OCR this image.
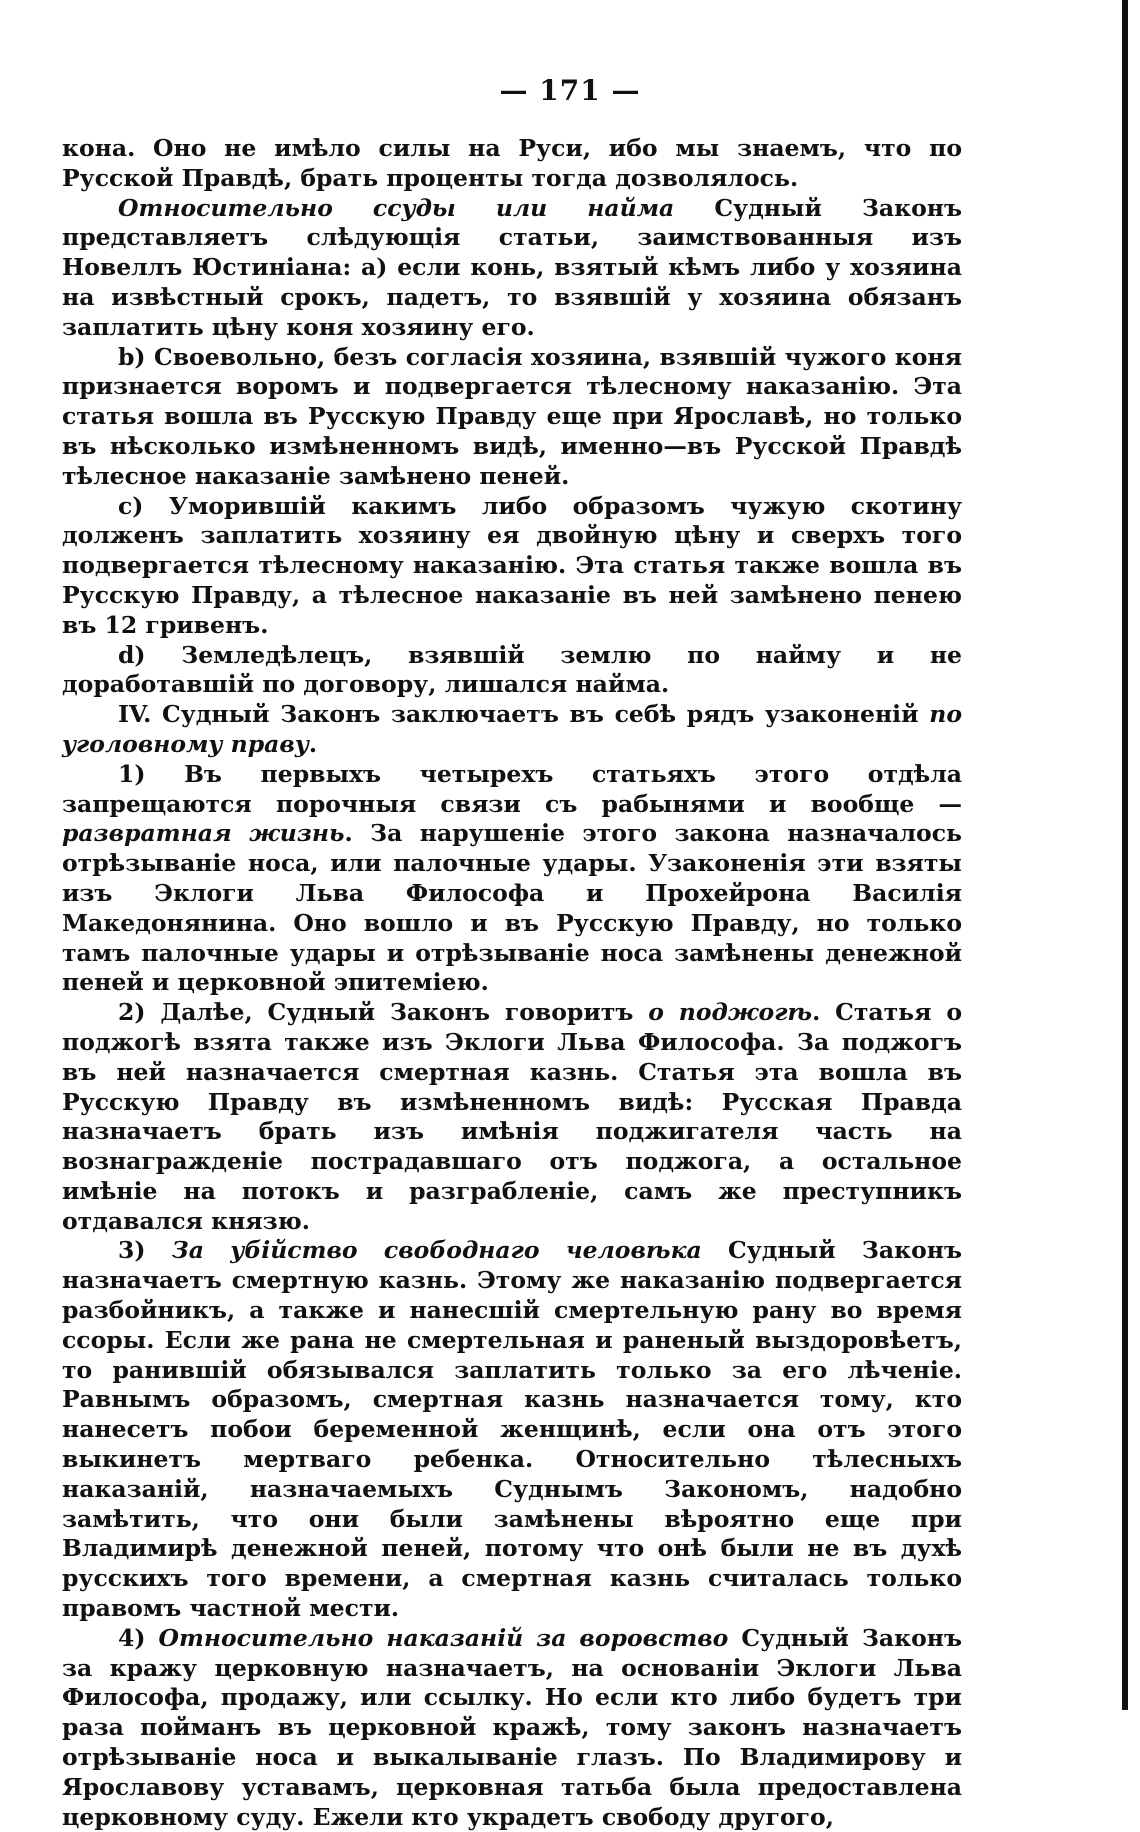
— 171 —

кона. Оно не имѣло силы на Руси, ибо мы знаемъ, что по Русской Правдѣ, брать проценты тогда дозволялось.

Относительно ссуды или найма Судный Законъ представляетъ слѣдующія статьи, заимствованныя изъ Новеллъ Юстиніана: a) если конь, взятый кѣмъ либо у хозяина на извѣстный срокъ, падетъ, то взявшій у хозяина обязанъ заплатить цѣну коня хозяину его.

b) Своевольно, безъ согласія хозяина, взявшій чужого коня признается воромъ и подвергается тѣлесному наказанію. Эта статья вошла въ Русскую Правду еще при Ярославѣ, но только въ нѣсколько измѣненномъ видѣ, именно—въ Русской Правдѣ тѣлесное наказаніе замѣнено пеней.

c) Уморившій какимъ либо образомъ чужую скотину долженъ заплатить хозяину ея двойную цѣну и сверхъ того подвергается тѣлесному наказанію. Эта статья также вошла въ Русскую Правду, а тѣлесное наказаніе въ ней замѣнено пенею въ 12 гривенъ.

d) Земледѣлецъ, взявшій землю по найму и не доработавшій по договору, лишался найма.

IV. Судный Законъ заключаетъ въ себѣ рядъ узаконеній по уголовному праву.

1) Въ первыхъ четырехъ статьяхъ этого отдѣла запрещаются порочныя связи съ рабынями и вообще — развратная жизнь. За нарушеніе этого закона назначалось отрѣзываніе носа, или палочные удары. Узаконенія эти взяты изъ Эклоги Льва Философа и Прохейрона Василія Македонянина. Оно вошло и въ Русскую Правду, но только тамъ палочные удары и отрѣзываніе носа замѣнены денежной пеней и церковной эпитеміею.

2) Далѣе, Судный Законъ говоритъ о поджогѣ. Статья о поджогѣ взята также изъ Эклоги Льва Философа. За поджогъ въ ней назначается смертная казнь. Статья эта вошла въ Русскую Правду въ измѣненномъ видѣ: Русская Правда назначаетъ брать изъ имѣнія поджигателя часть на вознагражденіе пострадавшаго отъ поджога, а остальное имѣніе на потокъ и разграбленіе, самъ же преступникъ отдавался князю.

3) За убійство свободнаго человѣка Судный Законъ назначаетъ смертную казнь. Этому же наказанію подвергается разбойникъ, а также и нанесшій смертельную рану во время ссоры. Если же рана не смертельная и раненый выздоровѣетъ, то ранившій обязывался заплатить только за его лѣченіе. Равнымъ образомъ, смертная казнь назначается тому, кто нанесетъ побои беременной женщинѣ, если она отъ этого выкинетъ мертваго ребенка. Относительно тѣлесныхъ наказаній, назначаемыхъ Суднымъ Закономъ, надобно замѣтить, что они были замѣнены вѣроятно еще при Владимирѣ денежной пеней, потому что онѣ были не въ духѣ русскихъ того времени, а смертная казнь считалась только правомъ частной мести.

4) Относительно наказаній за воровство Судный Законъ за кражу церковную назначаетъ, на основаніи Эклоги Льва Философа, продажу, или ссылку. Но если кто либо будетъ три раза пойманъ въ церковной кражѣ, тому законъ назначаетъ отрѣзываніе носа и выкалываніе глазъ. По Владимирову и Ярославову уставамъ, церковная татьба была предоставлена церковному суду. Ежели кто украдетъ свободу другого,
